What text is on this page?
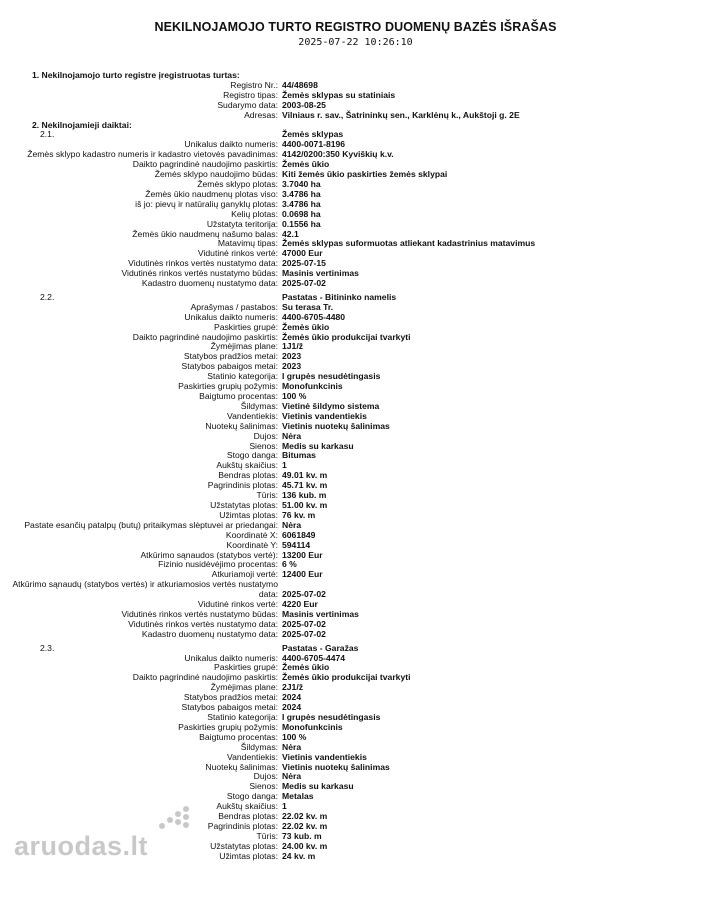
NEKILNOJAMOJO TURTO REGISTRO DUOMENŲ BAZĖS IŠRAŠAS
2025-07-22 10:26:10
1. Nekilnojamojo turto registre įregistruotas turtas:
Registro Nr.: 44/48698
Registro tipas: Žemės sklypas su statiniais
Sudarymo data: 2003-08-25
Adresas: Vilniaus r. sav., Šatrininkų sen., Karklėnų k., Aukštoji g. 2E
2. Nekilnojamieji daiktai:
2.1.	Žemės sklypas
Unikalus daikto numeris: 4400-0071-8196
Žemės sklypo kadastro numeris ir kadastro vietovės pavadinimas: 4142/0200:350 Kyviškių k.v.
Daikto pagrindinė naudojimo paskirtis: Žemės ūkio
Žemės sklypo naudojimo būdas: Kiti žemės ūkio paskirties žemės sklypai
Žemės sklypo plotas: 3.7040 ha
Žemės ūkio naudmenų plotas viso: 3.4786 ha
iš jo: pievų ir natūralių ganyklų plotas: 3.4786 ha
Kelių plotas: 0.0698 ha
Užstatyta teritorija: 0.1556 ha
Žemės ūkio naudmenų našumo balas: 42.1
Matavimų tipas: Žemės sklypas suformuotas atliekant kadastrinius matavimus
Vidutinė rinkos vertė: 47000 Eur
Vidutinės rinkos vertės nustatymo data: 2025-07-15
Vidutinės rinkos vertės nustatymo būdas: Masinis vertinimas
Kadastro duomenų nustatymo data: 2025-07-02
2.2.	Pastatas - Bitininko namelis
Aprašymas / pastabos: Su terasa Tr.
Unikalus daikto numeris: 4400-6705-4480
Paskirties grupė: Žemės ūkio
Daikto pagrindinė naudojimo paskirtis: Žemės ūkio produkcijai tvarkyti
Žymėjimas plane: 1J1/ž
Statybos pradžios metai: 2023
Statybos pabaigos metai: 2023
Statinio kategorija: I grupės nesudėtingasis
Paskirties grupių požymis: Monofunkcinis
Baigtumo procentas: 100 %
Šildymas: Vietinė šildymo sistema
Vandentiekis: Vietinis vandentiekis
Nuotekų šalinimas: Vietinis nuotekų šalinimas
Dujos: Nėra
Sienos: Medis su karkasu
Stogo danga: Bitumas
Aukštų skaičius: 1
Bendras plotas: 49.01 kv. m
Pagrindinis plotas: 45.71 kv. m
Tūris: 136 kub. m
Užstatytas plotas: 51.00 kv. m
Užimtas plotas: 76 kv. m
Pastate esančių patalpų (butų) pritaikymas slėptuvei ar priedangai: Nėra
Koordinatė X: 6061849
Koordinatė Y: 594114
Atkūrimo sąnaudos (statybos vertė): 13200 Eur
Fizinio nusidėvėjimo procentas: 6 %
Atkuriamoji vertė: 12400 Eur
Atkūrimo sąnaudų (statybos vertės) ir atkuriamosios vertės nustatymo data: 2025-07-02
Vidutinė rinkos vertė: 4220 Eur
Vidutinės rinkos vertės nustatymo būdas: Masinis vertinimas
Vidutinės rinkos vertės nustatymo data: 2025-07-02
Kadastro duomenų nustatymo data: 2025-07-02
2.3.	Pastatas - Garažas
Unikalus daikto numeris: 4400-6705-4474
Paskirties grupė: Žemės ūkio
Daikto pagrindinė naudojimo paskirtis: Žemės ūkio produkcijai tvarkyti
Žymėjimas plane: 2J1/ž
Statybos pradžios metai: 2024
Statybos pabaigos metai: 2024
Statinio kategorija: I grupės nesudėtingasis
Paskirties grupių požymis: Monofunkcinis
Baigtumo procentas: 100 %
Šildymas: Nėra
Vandentiekis: Vietinis vandentiekis
Nuotekų šalinimas: Vietinis nuotekų šalinimas
Dujos: Nėra
Sienos: Medis su karkasu
Stogo danga: Metalas
Aukštų skaičius: 1
Bendras plotas: 22.02 kv. m
Pagrindinis plotas: 22.02 kv. m
Tūris: 73 kub. m
Užstatytas plotas: 24.00 kv. m
Užimtas plotas: 24 kv. m
aruodas.lt
